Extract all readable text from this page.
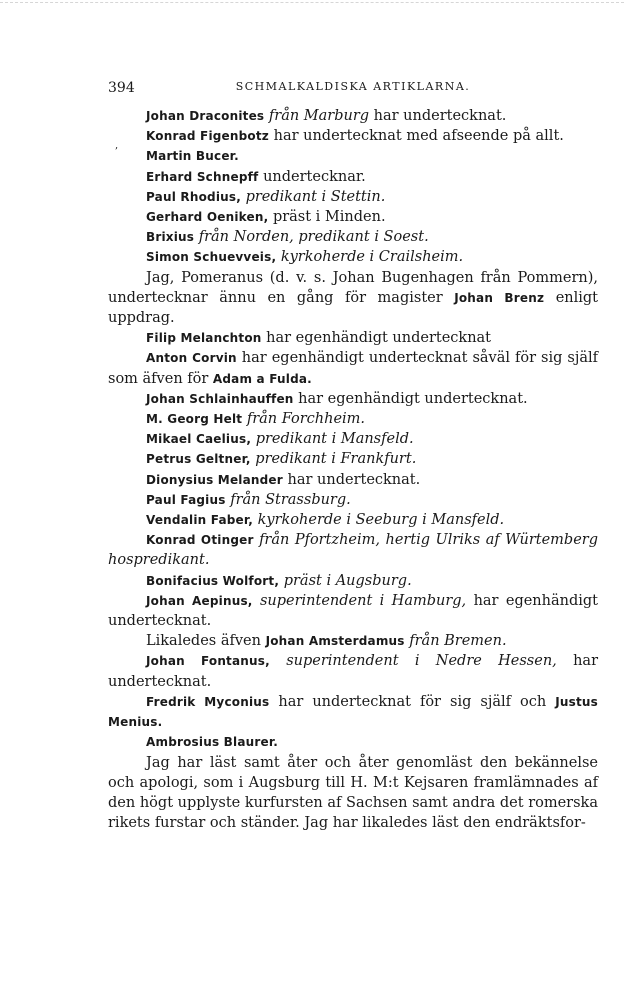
,
394	SCHMALKALDISKA ARTIKLARNA.

Johan Draconites från Marburg har undertecknat.

Konrad Figenbotz har undertecknat med afseende på allt.

Martin Bucer.

Erhard Schnepff undertecknar.

Paul Rhodius, predikant i Stettin.

Gerhard Oeniken, präst i Minden.

Brixius från Norden, predikant i Soest.

Simon Schuevveis, kyrkoherde i Crailsheim.

Jag, Pomeranus (d. v. s. Johan Bugenhagen från Pommern), undertecknar ännu en gång för magister Johan Brenz enligt uppdrag.

Filip Melanchton har egenhändigt undertecknat

Anton Corvin har egenhändigt undertecknat såväl för sig själf som äfven för Adam a Fulda.

Johan Schlainhauffen har egenhändigt undertecknat.

M. Georg Helt från Forchheim.

Mikael Caelius, predikant i Mansfeld.

Petrus Geltner, predikant i Frankfurt.

Dionysius Melander har undertecknat.

Paul Fagius från Strassburg.

Vendalin Faber, kyrkoherde i Seeburg i Mansfeld.

Konrad Otinger från Pfortzheim, hertig Ulriks af Würtemberg hospredikant.

Bonifacius Wolfort, präst i Augsburg.

Johan Aepinus, superintendent i Hamburg, har egenhändigt undertecknat.

Likaledes äfven Johan Amsterdamus från Bremen.

Johan Fontanus, superintendent i Nedre Hessen, har undertecknat.

Fredrik Myconius har undertecknat för sig själf och Justus Menius.

Ambrosius Blaurer.

Jag har läst samt åter och åter genomläst den bekännelse och apologi, som i Augsburg till H. M:t Kejsaren framlämnades af den högt upplyste kurfursten af Sachsen samt andra det romerska rikets furstar och ständer. Jag har likaledes läst den endräktsfor-
